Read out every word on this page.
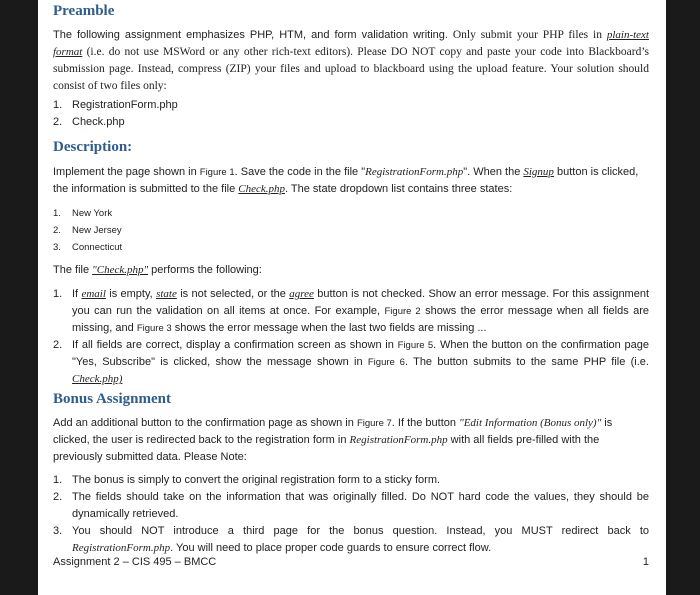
Preamble
The following assignment emphasizes PHP, HTM, and form validation writing. Only submit your PHP files in plain-text format (i.e. do not use MSWord or any other rich-text editors). Please DO NOT copy and paste your code into Blackboard’s submission page. Instead, compress (ZIP) your files and upload to blackboard using the upload feature. Your solution should consist of two files only:
1. RegistrationForm.php
2. Check.php
Description:
Implement the page shown in Figure 1. Save the code in the file "RegistrationForm.php". When the Signup button is clicked, the information is submitted to the file Check.php. The state dropdown list contains three states:
1. New York
2. New Jersey
3. Connecticut
The file "Check.php" performs the following:
1. If email is empty, state is not selected, or the agree button is not checked. Show an error message. For this assignment you can run the validation on all items at once. For example, Figure 2 shows the error message when all fields are missing, and Figure 3 shows the error message when the last two fields are missing ...
2. If all fields are correct, display a confirmation screen as shown in Figure 5. When the button on the confirmation page "Yes, Subscribe" is clicked, show the message shown in Figure 6. The button submits to the same PHP file (i.e. Check.php)
Bonus Assignment
Add an additional button to the confirmation page as shown in Figure 7. If the button "Edit Information (Bonus only)" is clicked, the user is redirected back to the registration form in RegistrationForm.php with all fields pre-filled with the previously submitted data. Please Note:
1. The bonus is simply to convert the original registration form to a sticky form.
2. The fields should take on the information that was originally filled. Do NOT hard code the values, they should be dynamically retrieved.
3. You should NOT introduce a third page for the bonus question. Instead, you MUST redirect back to RegistrationForm.php. You will need to place proper code guards to ensure correct flow.
Assignment 2 – CIS 495 – BMCC	1
